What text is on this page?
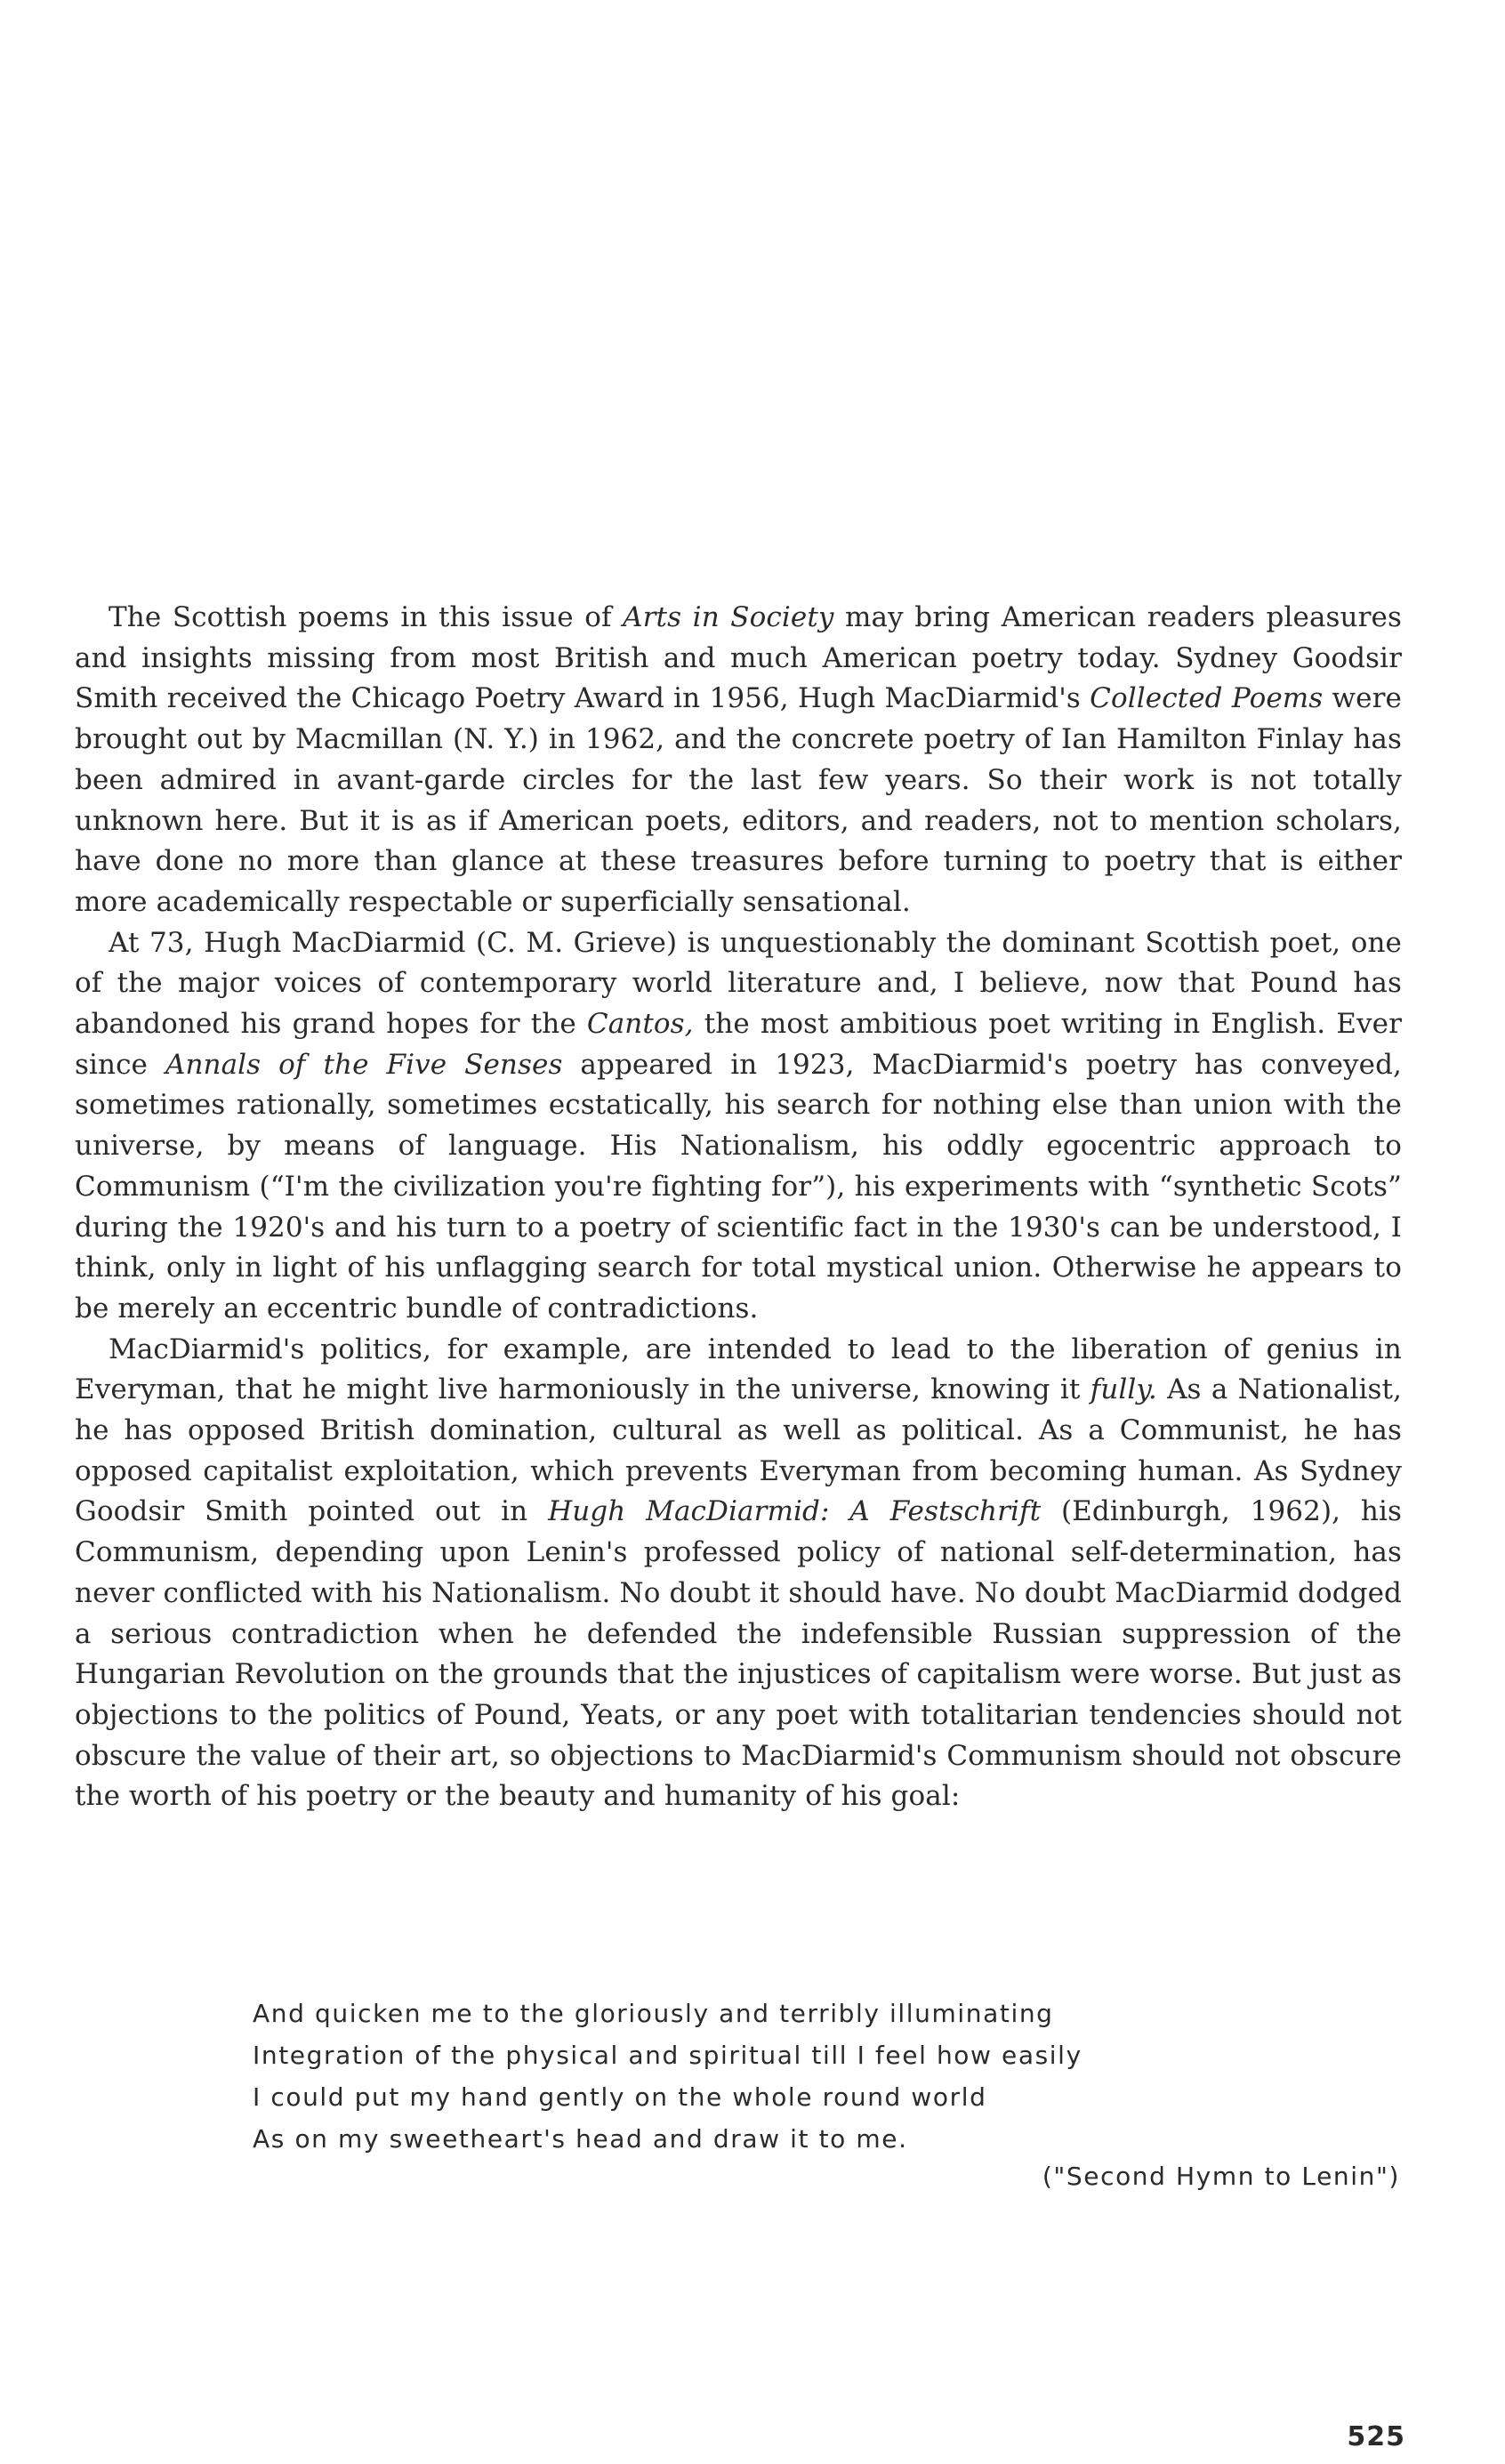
The Scottish poems in this issue of Arts in Society may bring American readers pleasures and insights missing from most British and much American poetry today. Sydney Goodsir Smith received the Chicago Poetry Award in 1956, Hugh MacDiarmid's Collected Poems were brought out by Macmillan (N. Y.) in 1962, and the concrete poetry of Ian Hamilton Finlay has been admired in avant-garde circles for the last few years. So their work is not totally unknown here. But it is as if American poets, editors, and readers, not to mention scholars, have done no more than glance at these treasures before turning to poetry that is either more academically respectable or superficially sensational.

At 73, Hugh MacDiarmid (C. M. Grieve) is unquestionably the dominant Scottish poet, one of the major voices of contemporary world literature and, I believe, now that Pound has abandoned his grand hopes for the Cantos, the most ambitious poet writing in English. Ever since Annals of the Five Senses appeared in 1923, MacDiarmid's poetry has conveyed, sometimes rationally, sometimes ecstatically, his search for nothing else than union with the universe, by means of language. His Nationalism, his oddly egocentric approach to Communism (“I'm the civilization you're fighting for”), his experiments with “synthetic Scots” during the 1920's and his turn to a poetry of scientific fact in the 1930's can be understood, I think, only in light of his unflagging search for total mystical union. Otherwise he appears to be merely an eccentric bundle of contradictions.

MacDiarmid's politics, for example, are intended to lead to the liberation of genius in Everyman, that he might live harmoniously in the universe, knowing it fully. As a Nationalist, he has opposed British domination, cultural as well as political. As a Communist, he has opposed capitalist exploitation, which prevents Everyman from becoming human. As Sydney Goodsir Smith pointed out in Hugh MacDiarmid: A Festschrift (Edinburgh, 1962), his Communism, depending upon Lenin's professed policy of national self-determination, has never conflicted with his Nationalism. No doubt it should have. No doubt MacDiarmid dodged a serious contradiction when he defended the indefensible Russian suppression of the Hungarian Revolution on the grounds that the injustices of capitalism were worse. But just as objections to the politics of Pound, Yeats, or any poet with totalitarian tendencies should not obscure the value of their art, so objections to MacDiarmid's Communism should not obscure the worth of his poetry or the beauty and humanity of his goal:

And quicken me to the gloriously and terribly illuminating
Integration of the physical and spiritual till I feel how easily
I could put my hand gently on the whole round world
As on my sweetheart's head and draw it to me.
("Second Hymn to Lenin")
525
